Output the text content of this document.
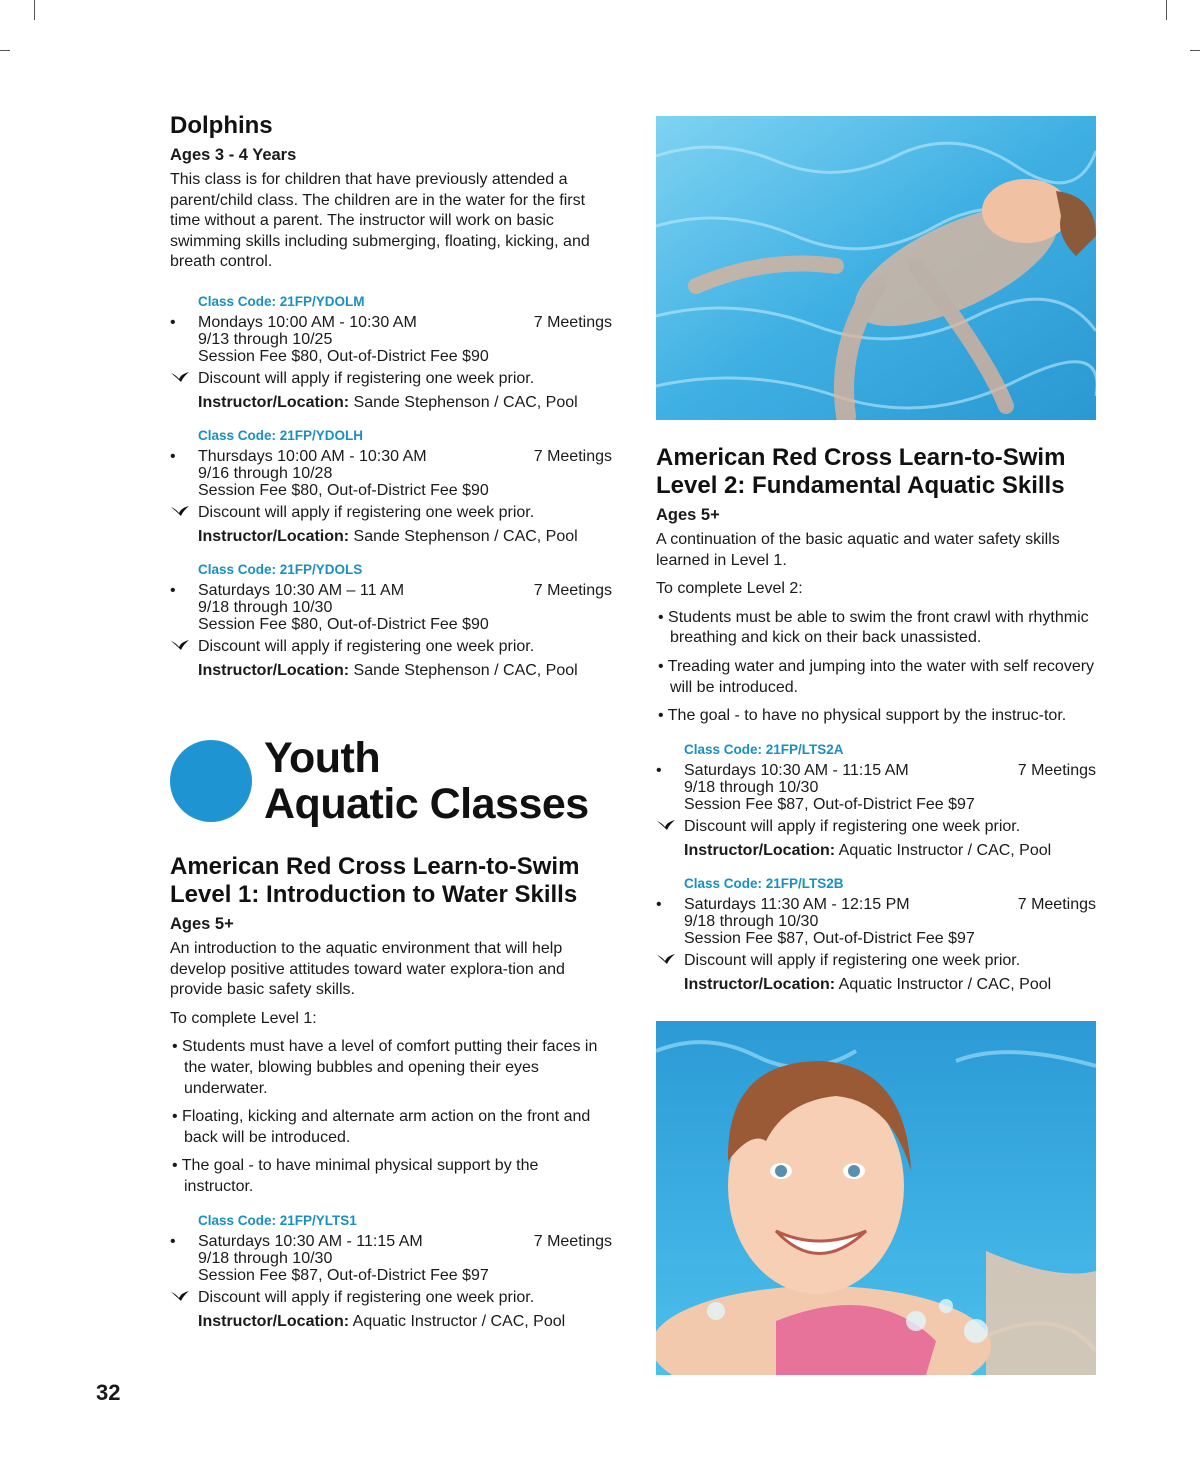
Dolphins
Ages 3 - 4 Years

This class is for children that have previously attended a parent/child class. The children are in the water for the first time without a parent. The instructor will work on basic swimming skills including submerging, floating, kicking, and breath control.

Class Code: 21FP/YDOLM
•	Mondays 10:00 AM - 10:30 AM	7 Meetings
9/13 through 10/25
Session Fee $80, Out-of-District Fee $90
Discount will apply if registering one week prior.
Instructor/Location: Sande Stephenson / CAC, Pool
Class Code: 21FP/YDOLH
•	Thursdays 10:00 AM - 10:30 AM	7 Meetings
9/16 through 10/28
Session Fee $80, Out-of-District Fee $90
Discount will apply if registering one week prior.
Instructor/Location: Sande Stephenson / CAC, Pool
Class Code: 21FP/YDOLS
•	Saturdays 10:30 AM – 11 AM	7 Meetings
9/18 through 10/30
Session Fee $80, Out-of-District Fee $90
Discount will apply if registering one week prior.
Instructor/Location: Sande Stephenson / CAC, Pool
Youth
Aquatic Classes
American Red Cross Learn-to-Swim
Level 1: Introduction to Water Skills
Ages 5+

An introduction to the aquatic environment that will help develop positive attitudes toward water explora-tion and provide basic safety skills.

To complete Level 1:

• Students must have a level of comfort putting their faces in the water, blowing bubbles and opening their eyes underwater.
• Floating, kicking and alternate arm action on the front and back will be introduced.
• The goal - to have minimal physical support by the instructor.
Class Code: 21FP/YLTS1
•	Saturdays 10:30 AM - 11:15 AM	7 Meetings
9/18 through 10/30
Session Fee $87, Out-of-District Fee $97
Discount will apply if registering one week prior.
Instructor/Location: Aquatic Instructor / CAC, Pool
American Red Cross Learn-to-Swim
Level 2: Fundamental Aquatic Skills
Ages 5+

A continuation of the basic aquatic and water safety skills learned in Level 1.

To complete Level 2:

• Students must be able to swim the front crawl with rhythmic breathing and kick on their back unassisted.
• Treading water and jumping into the water with self recovery will be introduced.
• The goal - to have no physical support by the instruc-tor.
Class Code: 21FP/LTS2A
•	Saturdays 10:30 AM - 11:15 AM	7 Meetings
9/18 through 10/30
Session Fee $87, Out-of-District Fee $97
Discount will apply if registering one week prior.
Instructor/Location: Aquatic Instructor / CAC, Pool
Class Code: 21FP/LTS2B
•	Saturdays 11:30 AM - 12:15 PM	7 Meetings
9/18 through 10/30
Session Fee $87, Out-of-District Fee $97
Discount will apply if registering one week prior.
Instructor/Location: Aquatic Instructor / CAC, Pool
32
